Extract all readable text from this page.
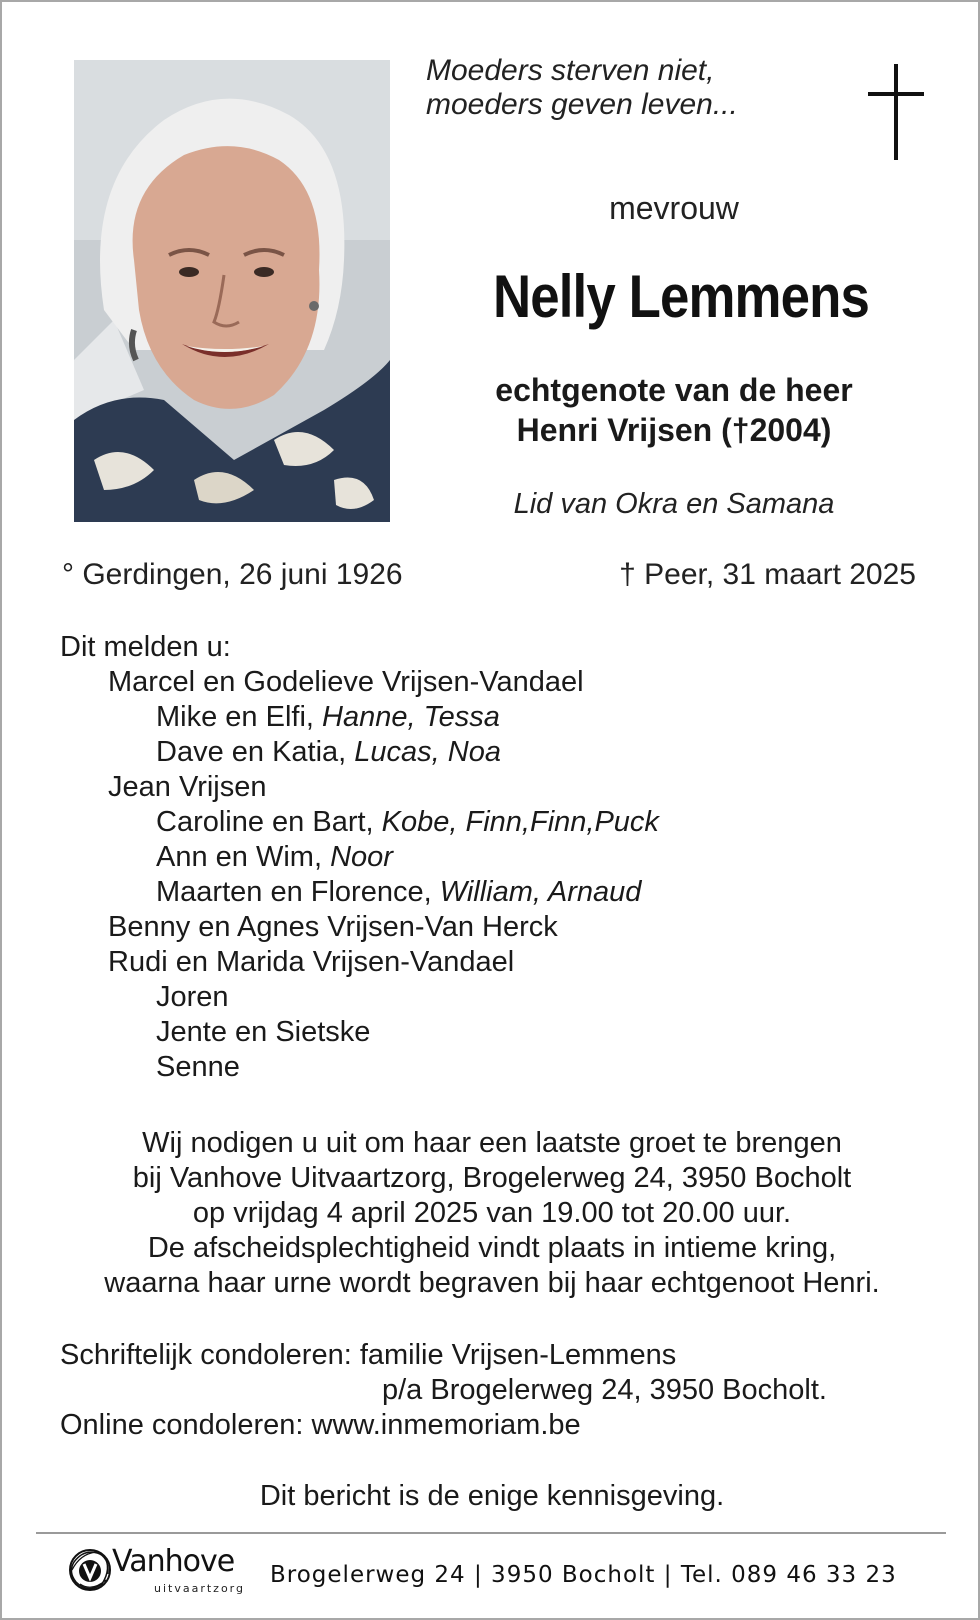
Moeders sterven niet,
moeders geven leven...
mevrouw
Nelly Lemmens
echtgenote van de heer
Henri Vrijsen (†2004)
Lid van Okra en Samana
° Gerdingen, 26 juni 1926	† Peer, 31 maart 2025
Dit melden u:
Marcel en Godelieve Vrijsen-Vandael
Mike en Elfi, Hanne, Tessa
Dave en Katia, Lucas, Noa
Jean Vrijsen
Caroline en Bart, Kobe, Finn,Finn,Puck
Ann en Wim, Noor
Maarten en Florence, William, Arnaud
Benny en Agnes Vrijsen-Van Herck
Rudi en Marida Vrijsen-Vandael
Joren
Jente en Sietske
Senne
Wij nodigen u uit om haar een laatste groet te brengen
bij Vanhove Uitvaartzorg, Brogelerweg 24, 3950 Bocholt
op vrijdag 4 april 2025 van 19.00 tot 20.00 uur.
De afscheidsplechtigheid vindt plaats in intieme kring,
waarna haar urne wordt begraven bij haar echtgenoot Henri.
Schriftelijk condoleren: familie Vrijsen-Lemmens
p/a Brogelerweg 24, 3950 Bocholt.
Online condoleren: www.inmemoriam.be
Dit bericht is de enige kennisgeving.
Vanhove
uitvaartzorg
Brogelerweg 24 | 3950 Bocholt | Tel. 089 46 33 23
